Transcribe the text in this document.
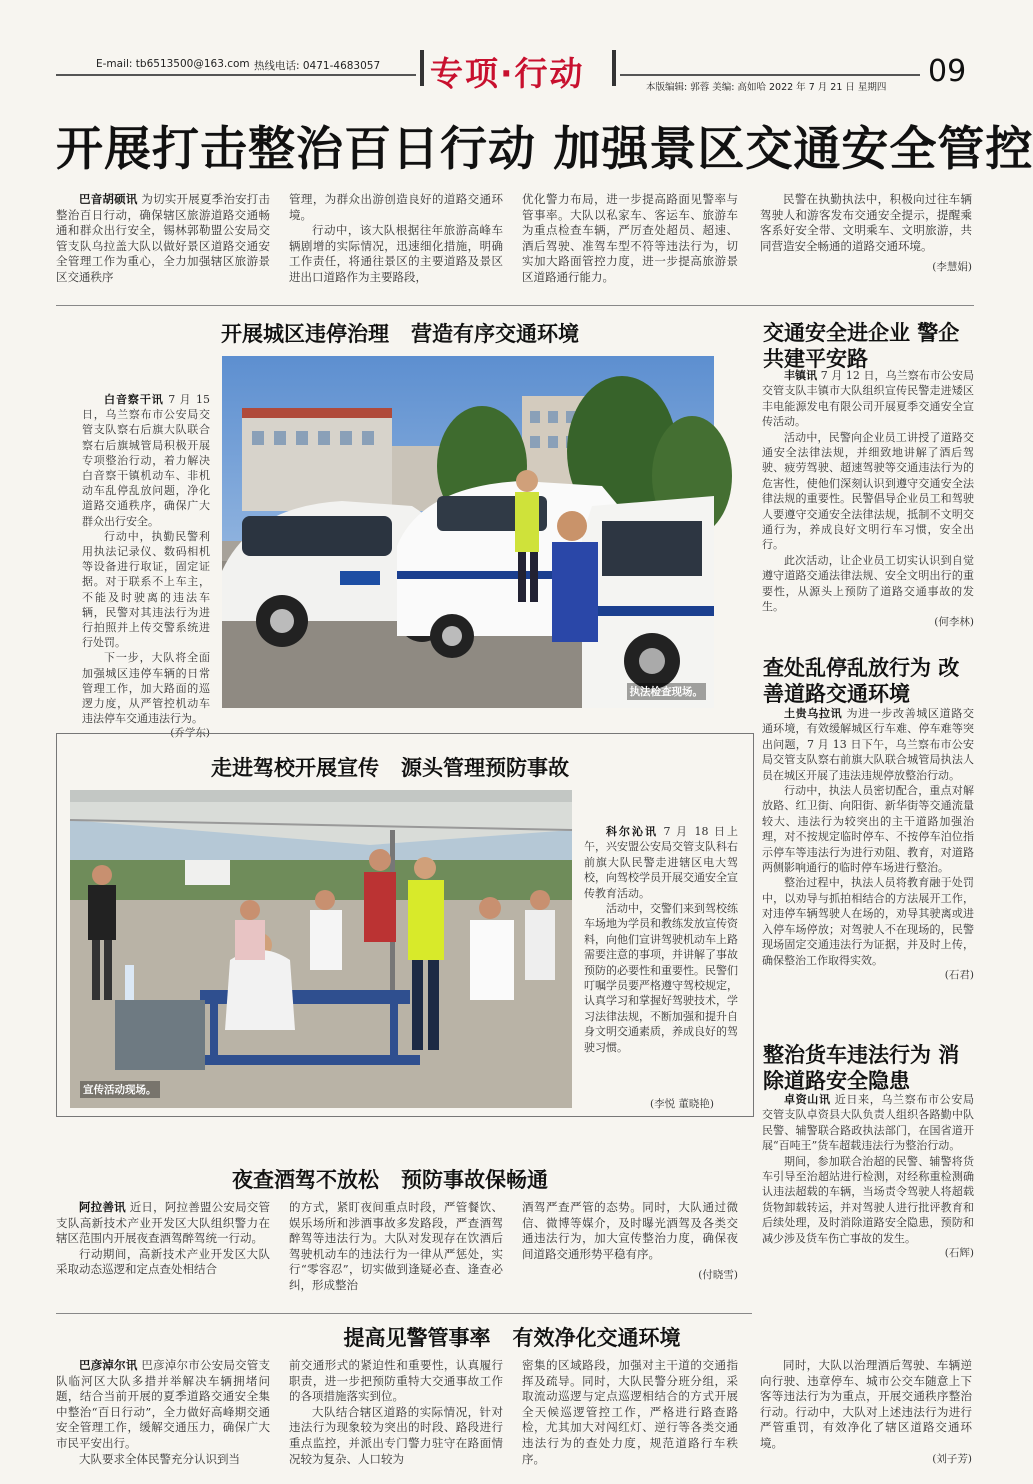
E-mail: tb6513500@163.com 热线电话: 0471-4683057 专项·行动	本版编辑: 郭蓉 美编: 高如哈 2022 年 7 月 21 日 星期四 09
开展打击整治百日行动 加强景区交通安全管控

巴音胡硕讯 为切实开展夏季治安打击整治百日行动，确保辖区旅游道路交通畅通和群众出行安全，锡林郭勒盟公安局交管支队乌拉盖大队以做好景区道路交通安全管理工作为重心，全力加强辖区旅游景区交通秩序

管理，为群众出游创造良好的道路交通环境。

行动中，该大队根据往年旅游高峰车辆剧增的实际情况，迅速细化措施，明确工作责任，将通往景区的主要道路及景区进出口道路作为主要路段，

优化警力布局，进一步提高路面见警率与管事率。大队以私家车、客运车、旅游车为重点检查车辆，严厉查处超员、超速、酒后驾驶、准驾车型不符等违法行为，切实加大路面管控力度，进一步提高旅游景区道路通行能力。

民警在执勤执法中，积极向过往车辆驾驶人和游客发布交通安全提示，提醒乘客系好安全带、文明乘车、文明旅游，共同营造安全畅通的道路交通环境。

(李慧娟)
开展城区违停治理   营造有序交通环境

白音察干讯 7 月 15 日，乌兰察布市公安局交管支队察右后旗大队联合察右后旗城管局积极开展专项整治行动，着力解决白音察干镇机动车、非机动车乱停乱放问题，净化道路交通秩序，确保广大群众出行安全。

行动中，执勤民警利用执法记录仪、数码相机等设备进行取证，固定证据。对于联系不上车主，不能及时驶离的违法车辆，民警对其违法行为进行拍照并上传交警系统进行处罚。

下一步，大队将全面加强城区违停车辆的日常管理工作，加大路面的巡逻力度，从严管控机动车违法停车交通违法行为。

(乔学东)
执法检查现场。
交通安全进企业 警企共建平安路

丰镇讯 7 月 12 日，乌兰察布市公安局交管支队丰镇市大队组织宣传民警走进矮区丰电能源发电有限公司开展夏季交通安全宣传活动。

活动中，民警向企业员工讲授了道路交通安全法律法规，并细致地讲解了酒后驾驶、疲劳驾驶、超速驾驶等交通违法行为的危害性，使他们深刻认识到遵守交通安全法律法规的重要性。民警倡导企业员工和驾驶人要遵守交通安全法律法规，抵制不文明交通行为，养成良好文明行车习惯，安全出行。

此次活动，让企业员工切实认识到自觉遵守道路交通法律法规、安全文明出行的重要性，从源头上预防了道路交通事故的发生。

(何李林)
查处乱停乱放行为 改善道路交通环境

土贵乌拉讯 为进一步改善城区道路交通环境，有效缓解城区行车难、停车难等突出问题，7 月 13 日下午，乌兰察布市公安局交管支队察右前旗大队联合城管局执法人员在城区开展了违法违规停放整治行动。

行动中，执法人员密切配合，重点对解放路、红卫街、向阳街、新华街等交通流量较大、违法行为较突出的主干道路加强治理，对不按规定临时停车、不按停车泊位指示停车等违法行为进行劝阻、教育，对道路两侧影响通行的临时停车场进行整治。

整治过程中，执法人员将教育融于处罚中，以劝导与抓拍相结合的方法展开工作，对违停车辆驾驶人在场的，劝导其驶离或进入停车场停放；对驾驶人不在现场的，民警现场固定交通违法行为证据，并及时上传，确保整治工作取得实效。

(石君)
走进驾校开展宣传   源头管理预防事故
宣传活动现场。

科尔沁讯 7 月 18 日上午，兴安盟公安局交管支队科右前旗大队民警走进辖区电大驾校，向驾校学员开展交通安全宣传教育活动。

活动中，交警们来到驾校练车场地为学员和教练发放宣传资料，向他们宣讲驾驶机动车上路需要注意的事项，并讲解了事故预防的必要性和重要性。民警们叮嘱学员要严格遵守驾校规定，认真学习和掌握好驾驶技术，学习法律法规，不断加强和提升自身文明交通素质，养成良好的驾驶习惯。

(李悦 董晓艳)
整治货车违法行为 消除道路安全隐患

卓资山讯 近日来，乌兰察布市公安局交管支队卓资县大队负责人组织各路勤中队民警、辅警联合路政执法部门，在国省道开展“百吨王”货车超载违法行为整治行动。

期间，参加联合治超的民警、辅警将货车引导至治超站进行检测，对经称重检测确认违法超载的车辆，当场责令驾驶人将超载货物卸载转运，并对驾驶人进行批评教育和后续处理，及时消除道路安全隐患，预防和减少涉及货车伤亡事故的发生。

(石辉)
夜查酒驾不放松   预防事故保畅通

阿拉善讯 近日，阿拉善盟公安局交管支队高新技术产业开发区大队组织警力在辖区范围内开展夜查酒驾醉驾统一行动。

行动期间，高新技术产业开发区大队采取动态巡逻和定点查处相结合

的方式，紧盯夜间重点时段，严管餐饮、娱乐场所和涉酒事故多发路段，严查酒驾醉驾等违法行为。大队对发现存在饮酒后驾驶机动车的违法行为一律从严惩处，实行“零容忍”，切实做到逢疑必查、逢查必纠，形成整治

酒驾严查严管的态势。同时，大队通过微信、微博等媒介，及时曝光酒驾及各类交通违法行为，加大宣传整治力度，确保夜间道路交通形势平稳有序。

(付晓雪)
提高见警管事率   有效净化交通环境

巴彦淖尔讯 巴彦淖尔市公安局交管支队临河区大队多措并举解决车辆拥堵问题，结合当前开展的夏季道路交通安全集中整治“百日行动”，全力做好高峰期交通安全管理工作，缓解交通压力，确保广大市民平安出行。

大队要求全体民警充分认识到当

前交通形式的紧迫性和重要性，认真履行职责，进一步把预防重特大交通事故工作的各项措施落实到位。

大队结合辖区道路的实际情况，针对违法行为现象较为突出的时段、路段进行重点监控，并派出专门警力驻守在路面情况较为复杂、人口较为

密集的区域路段，加强对主干道的交通指挥及疏导。同时，大队民警分班分组，采取流动巡逻与定点巡逻相结合的方式开展全天候巡逻管控工作，严格进行路查路检，尤其加大对闯红灯、逆行等各类交通违法行为的查处力度，规范道路行车秩序。

同时，大队以治理酒后驾驶、车辆逆向行驶、违章停车、城市公交车随意上下客等违法行为为重点，开展交通秩序整治行动。行动中，大队对上述违法行为进行严管重罚，有效净化了辖区道路交通环境。

(刘子芳)
